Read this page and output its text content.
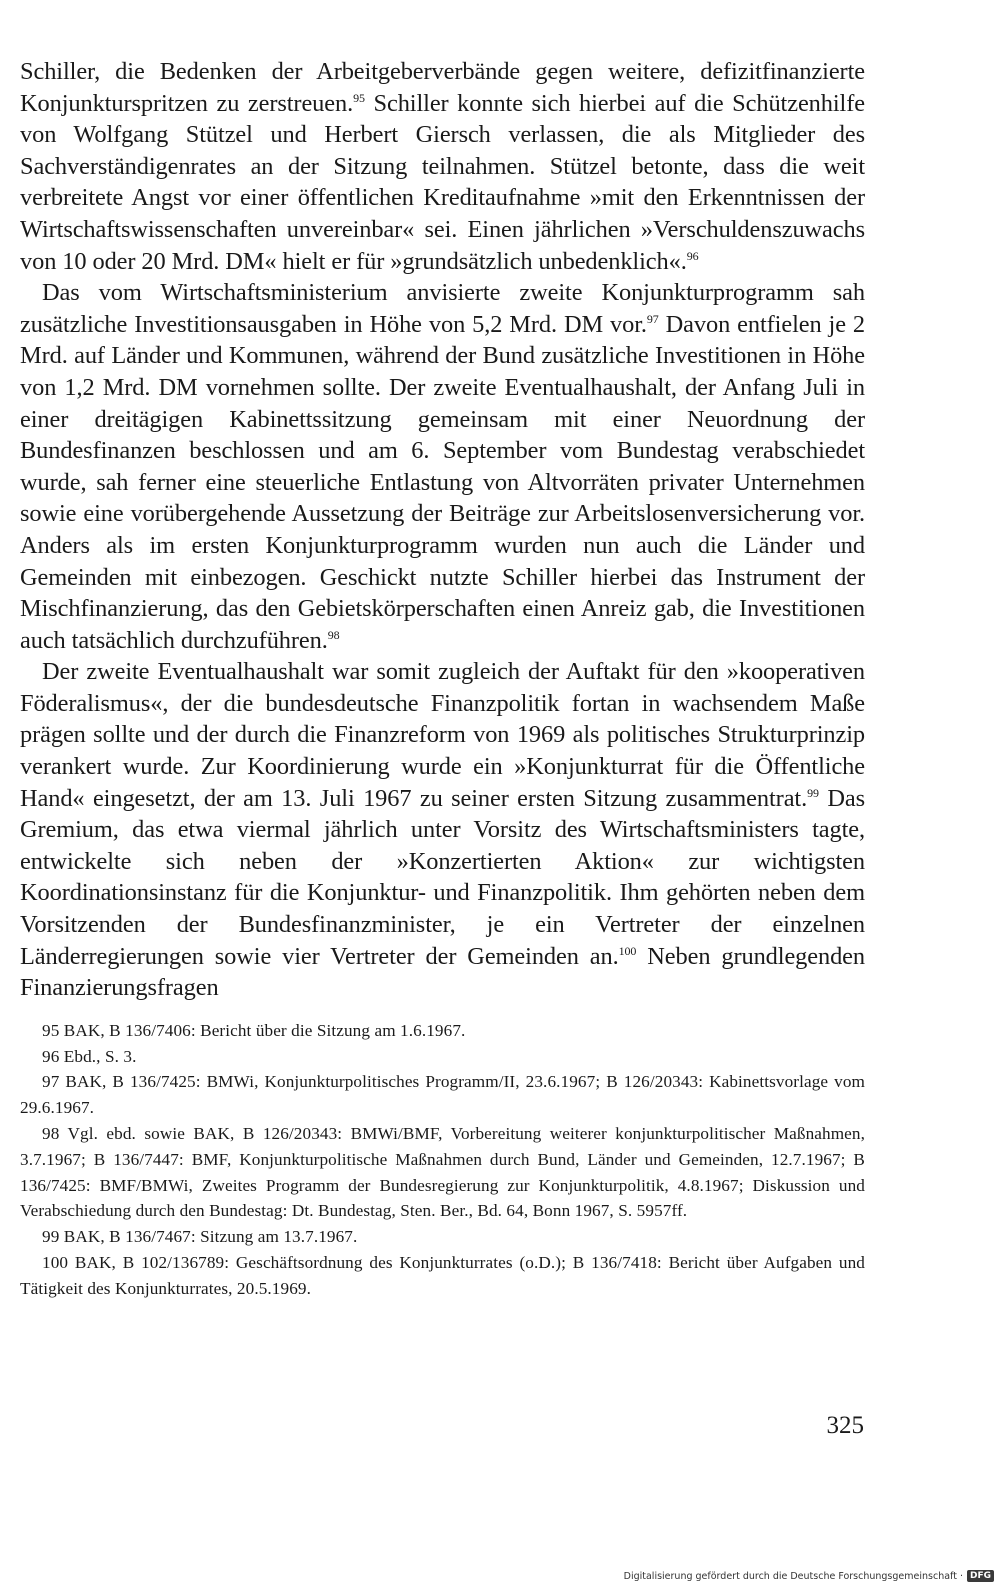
Schiller, die Bedenken der Arbeitgeberverbände gegen weitere, defizitfinanzierte Konjunkturspritzen zu zerstreuen.$^{95}$ Schiller konnte sich hierbei auf die Schützenhilfe von Wolfgang Stützel und Herbert Giersch verlassen, die als Mitglieder des Sachverständigenrates an der Sitzung teilnahmen. Stützel betonte, dass die weit verbreitete Angst vor einer öffentlichen Kreditaufnahme »mit den Erkenntnissen der Wirtschaftswissenschaften unvereinbar« sei. Einen jährlichen »Verschuldenszuwachs von 10 oder 20 Mrd. DM« hielt er für »grundsätzlich unbedenklich«.$^{96}$

Das vom Wirtschaftsministerium anvisierte zweite Konjunkturprogramm sah zusätzliche Investitionsausgaben in Höhe von 5,2 Mrd. DM vor.$^{97}$ Davon entfielen je 2 Mrd. auf Länder und Kommunen, während der Bund zusätzliche Investitionen in Höhe von 1,2 Mrd. DM vornehmen sollte. Der zweite Eventualhaushalt, der Anfang Juli in einer dreitägigen Kabinettssitzung gemeinsam mit einer Neuordnung der Bundesfinanzen beschlossen und am 6. September vom Bundestag verabschiedet wurde, sah ferner eine steuerliche Entlastung von Altvorräten privater Unternehmen sowie eine vorübergehende Aussetzung der Beiträge zur Arbeitslosenversicherung vor. Anders als im ersten Konjunkturprogramm wurden nun auch die Länder und Gemeinden mit einbezogen. Geschickt nutzte Schiller hierbei das Instrument der Mischfinanzierung, das den Gebietskörperschaften einen Anreiz gab, die Investitionen auch tatsächlich durchzuführen.$^{98}$

Der zweite Eventualhaushalt war somit zugleich der Auftakt für den »kooperativen Föderalismus«, der die bundesdeutsche Finanzpolitik fortan in wachsendem Maße prägen sollte und der durch die Finanzreform von 1969 als politisches Strukturprinzip verankert wurde. Zur Koordinierung wurde ein »Konjunkturrat für die Öffentliche Hand« eingesetzt, der am 13. Juli 1967 zu seiner ersten Sitzung zusammentrat.$^{99}$ Das Gremium, das etwa viermal jährlich unter Vorsitz des Wirtschaftsministers tagte, entwickelte sich neben der »Konzertierten Aktion« zur wichtigsten Koordinationsinstanz für die Konjunktur- und Finanzpolitik. Ihm gehörten neben dem Vorsitzenden der Bundesfinanzminister, je ein Vertreter der einzelnen Länderregierungen sowie vier Vertreter der Gemeinden an.$^{100}$ Neben grundlegenden Finanzierungsfragen

95 BAK, B 136/7406: Bericht über die Sitzung am 1.6.1967.

96 Ebd., S. 3.

97 BAK, B 136/7425: BMWi, Konjunkturpolitisches Programm/II, 23.6.1967; B 126/20343: Kabinettsvorlage vom 29.6.1967.

98 Vgl. ebd. sowie BAK, B 126/20343: BMWi/BMF, Vorbereitung weiterer konjunkturpolitischer Maßnahmen, 3.7.1967; B 136/7447: BMF, Konjunkturpolitische Maßnahmen durch Bund, Länder und Gemeinden, 12.7.1967; B 136/7425: BMF/BMWi, Zweites Programm der Bundesregierung zur Konjunkturpolitik, 4.8.1967; Diskussion und Verabschiedung durch den Bundestag: Dt. Bundestag, Sten. Ber., Bd. 64, Bonn 1967, S. 5957ff.

99 BAK, B 136/7467: Sitzung am 13.7.1967.

100 BAK, B 102/136789: Geschäftsordnung des Konjunkturrates (o.D.); B 136/7418: Bericht über Aufgaben und Tätigkeit des Konjunkturrates, 20.5.1969.

325
Digitalisierung gefördert durch die Deutsche Forschungsgemeinschaft · DFG
